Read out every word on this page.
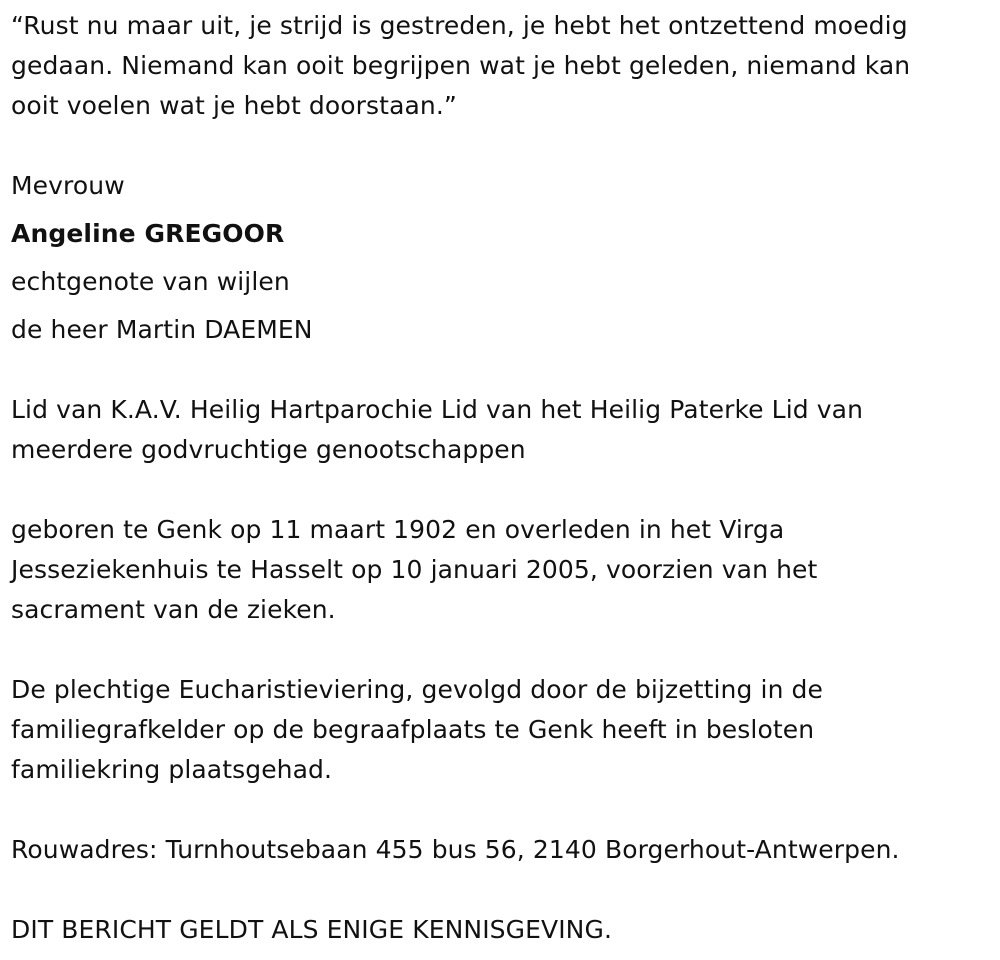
“Rust nu maar uit, je strijd is gestreden, je hebt het ontzettend moedig
gedaan. Niemand kan ooit begrijpen wat je hebt geleden, niemand kan
ooit voelen wat je hebt doorstaan.”
Mevrouw
Angeline GREGOOR
echtgenote van wijlen
de heer Martin DAEMEN
Lid van K.A.V. Heilig Hartparochie Lid van het Heilig Paterke Lid van
meerdere godvruchtige genootschappen
geboren te Genk op 11 maart 1902 en overleden in het Virga
Jesseziekenhuis te Hasselt op 10 januari 2005, voorzien van het
sacrament van de zieken.
De plechtige Eucharistieviering, gevolgd door de bijzetting in de
familiegrafkelder op de begraafplaats te Genk heeft in besloten
familiekring plaatsgehad.
Rouwadres: Turnhoutsebaan 455 bus 56, 2140 Borgerhout-Antwerpen.
DIT BERICHT GELDT ALS ENIGE KENNISGEVING.
